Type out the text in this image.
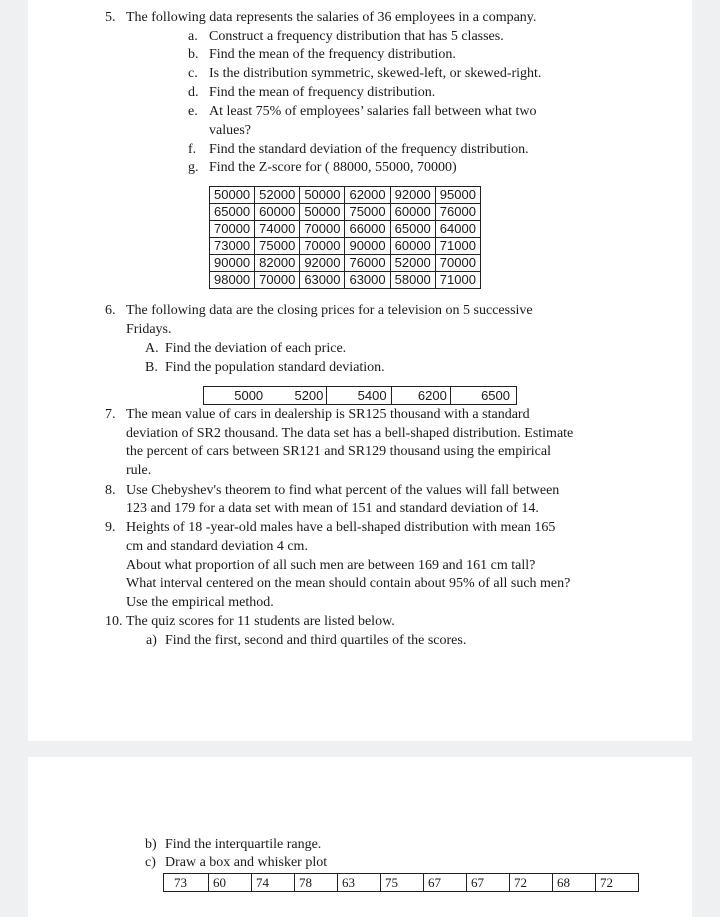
5. The following data represents the salaries of 36 employees in a company.
a. Construct a frequency distribution that has 5 classes.
b. Find the mean of the frequency distribution.
c. Is the distribution symmetric, skewed-left, or skewed-right.
d. Find the mean of frequency distribution.
e. At least 75% of employees’ salaries fall between what two
values?
f. Find the standard deviation of the frequency distribution.
g. Find the Z-score for ( 88000, 55000, 70000)
50000	52000	50000	62000	92000	95000
65000	60000	50000	75000	60000	76000
70000	74000	70000	66000	65000	64000
73000	75000	70000	90000	60000	71000
90000	82000	92000	76000	52000	70000
98000	70000	63000	63000	58000	71000
6. The following data are the closing prices for a television on 5 successive
Fridays.
A. Find the deviation of each price.
B. Find the population standard deviation.
5000	5200	5400	6200	6500
7. The mean value of cars in dealership is SR125 thousand with a standard
deviation of SR2 thousand. The data set has a bell-shaped distribution. Estimate
the percent of cars between SR121 and SR129 thousand using the empirical
rule.
8. Use Chebyshev's theorem to find what percent of the values will fall between
123 and 179 for a data set with mean of 151 and standard deviation of 14.
9. Heights of 18 -year-old males have a bell-shaped distribution with mean 165
cm and standard deviation 4 cm.
About what proportion of all such men are between 169 and 161 cm tall?
What interval centered on the mean should contain about 95% of all such men?
Use the empirical method.
10. The quiz scores for 11 students are listed below.
a) Find the first, second and third quartiles of the scores.
b) Find the interquartile range.
c) Draw a box and whisker plot
73	60	74	78	63	75	67	67	72	68	72
